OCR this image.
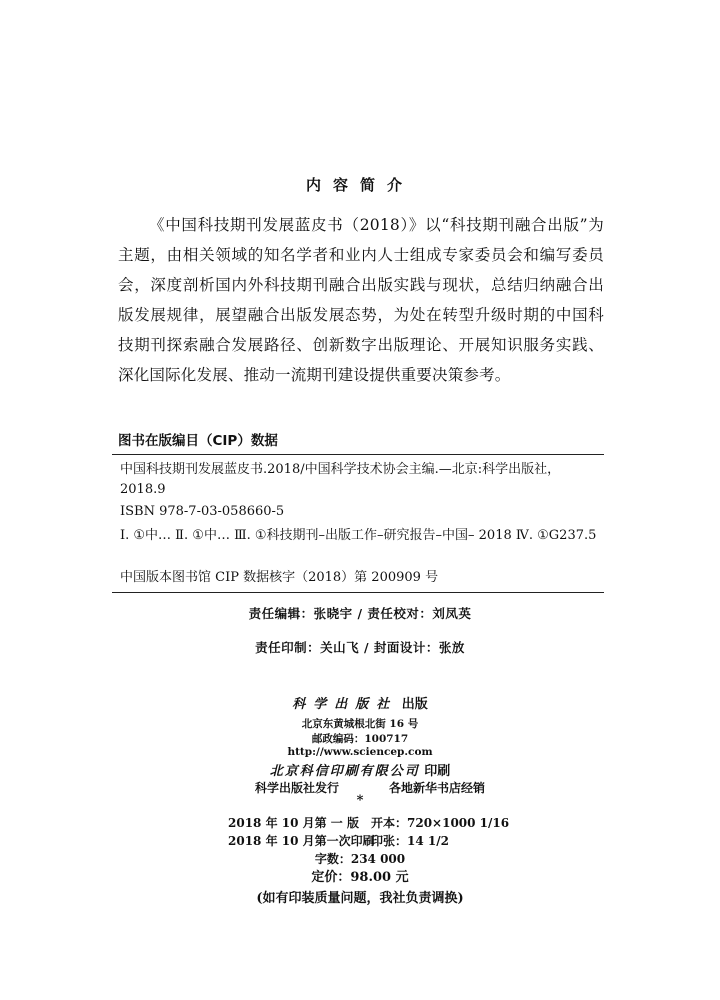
内容简介

《中国科技期刊发展蓝皮书（2018）》以“科技期刊融合出版”为主题，由相关领域的知名学者和业内人士组成专家委员会和编写委员会，深度剖析国内外科技期刊融合出版实践与现状，总结归纳融合出版发展规律，展望融合出版发展态势，为处在转型升级时期的中国科技期刊探索融合发展路径、创新数字出版理论、开展知识服务实践、深化国际化发展、推动一流期刊建设提供重要决策参考。

图书在版编目（CIP）数据
中国科技期刊发展蓝皮书.2018/中国科学技术协会主编.—北京:科学出版社，2018.9
ISBN 978-7-03-058660-5
Ⅰ. ①中… Ⅱ. ①中… Ⅲ. ①科技期刊–出版工作–研究报告–中国– 2018 Ⅳ. ①G237.5
中国版本图书馆 CIP 数据核字（2018）第 200909 号
责任编辑：张晓宇 / 责任校对：刘凤英
责任印制：关山飞 / 封面设计：张放
科学出版社 出版
北京东黄城根北街 16 号
邮政编码：100717
http://www.sciencep.com
北京科信印刷有限公司 印刷
科学出版社发行	各地新华书店经销
*
2018 年 10 月第 一 版 开本：720×1000 1/16
2018 年 10 月第一次印刷
印张：14 1/2
字数：234 000
定价：98.00 元
(如有印装质量问题，我社负责调换)
